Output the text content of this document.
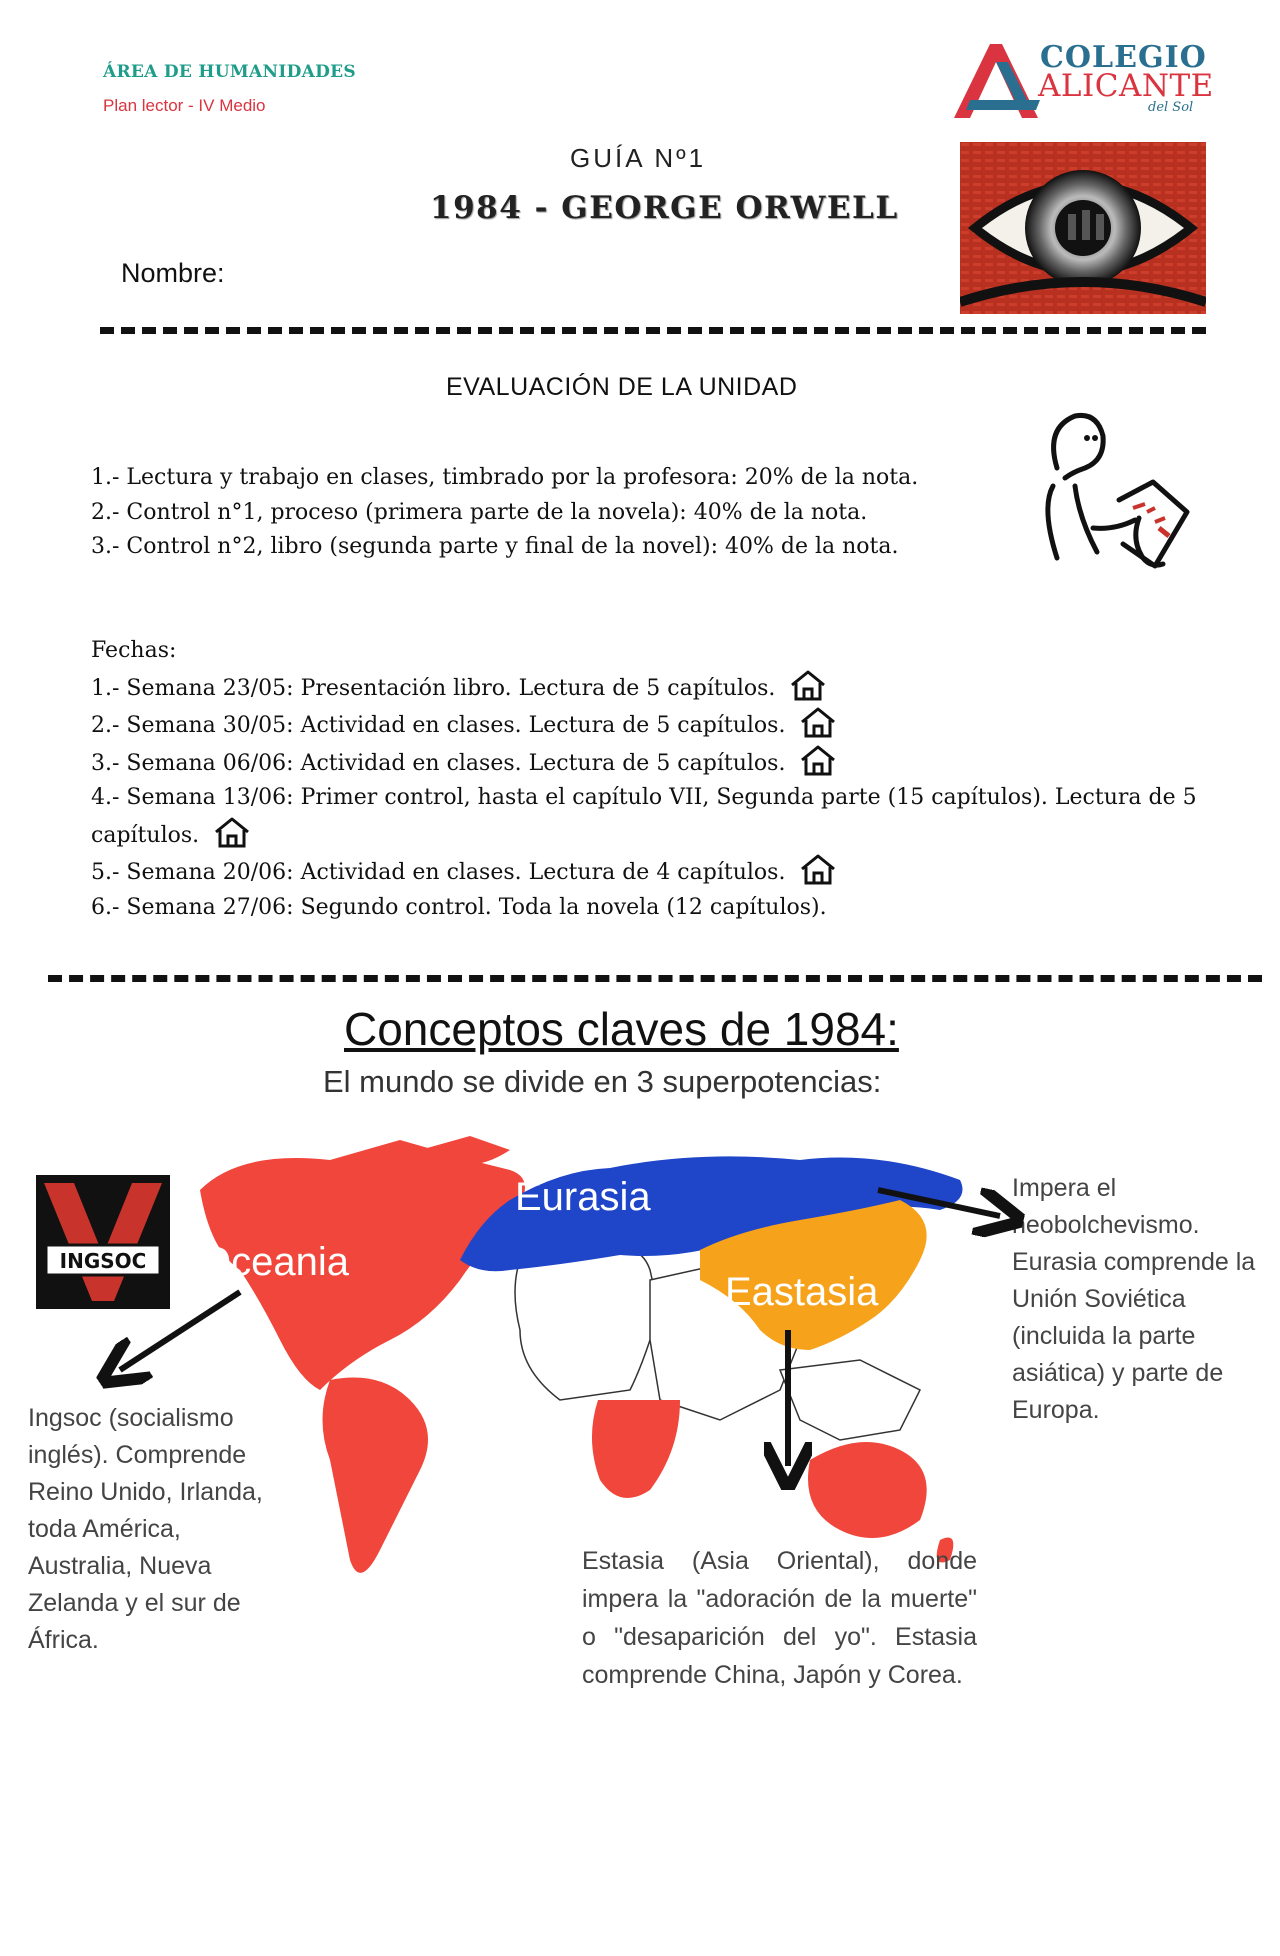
ÁREA DE HUMANIDADES
Plan lector - IV Medio
COLEGIO
ALICANTE
del Sol
GUÍA Nº1
1984 - GEORGE ORWELL
Nombre:
EVALUACIÓN DE LA UNIDAD
1.- Lectura y trabajo en clases, timbrado por la profesora: 20% de la nota.
2.- Control n°1, proceso (primera parte de la novela): 40% de la nota.
3.- Control n°2, libro (segunda parte y final de la novel): 40% de la nota.
Fechas:
1.- Semana 23/05: Presentación libro. Lectura de 5 capítulos.
2.- Semana 30/05: Actividad en clases. Lectura de 5 capítulos.
3.- Semana 06/06: Actividad en clases. Lectura de 5 capítulos.
4.- Semana 13/06: Primer control, hasta el capítulo VII, Segunda parte (15 capítulos). Lectura de 5 capítulos.
5.- Semana 20/06: Actividad en clases. Lectura de 4 capítulos.
6.- Semana 27/06: Segundo control. Toda la novela (12 capítulos).
Conceptos claves de 1984:
El mundo se divide en 3 superpotencias:
Oceania
Eurasia
Eastasia
INGSOC
Impera el neobolchevismo. Eurasia comprende la Unión Soviética (incluida la parte asiática) y parte de Europa.
Ingsoc (socialismo inglés). Comprende Reino Unido, Irlanda, toda América, Australia, Nueva Zelanda y el sur de África.
Estasia (Asia Oriental), donde impera la "adoración de la muerte" o "desaparición del yo". Estasia comprende China, Japón y Corea.
